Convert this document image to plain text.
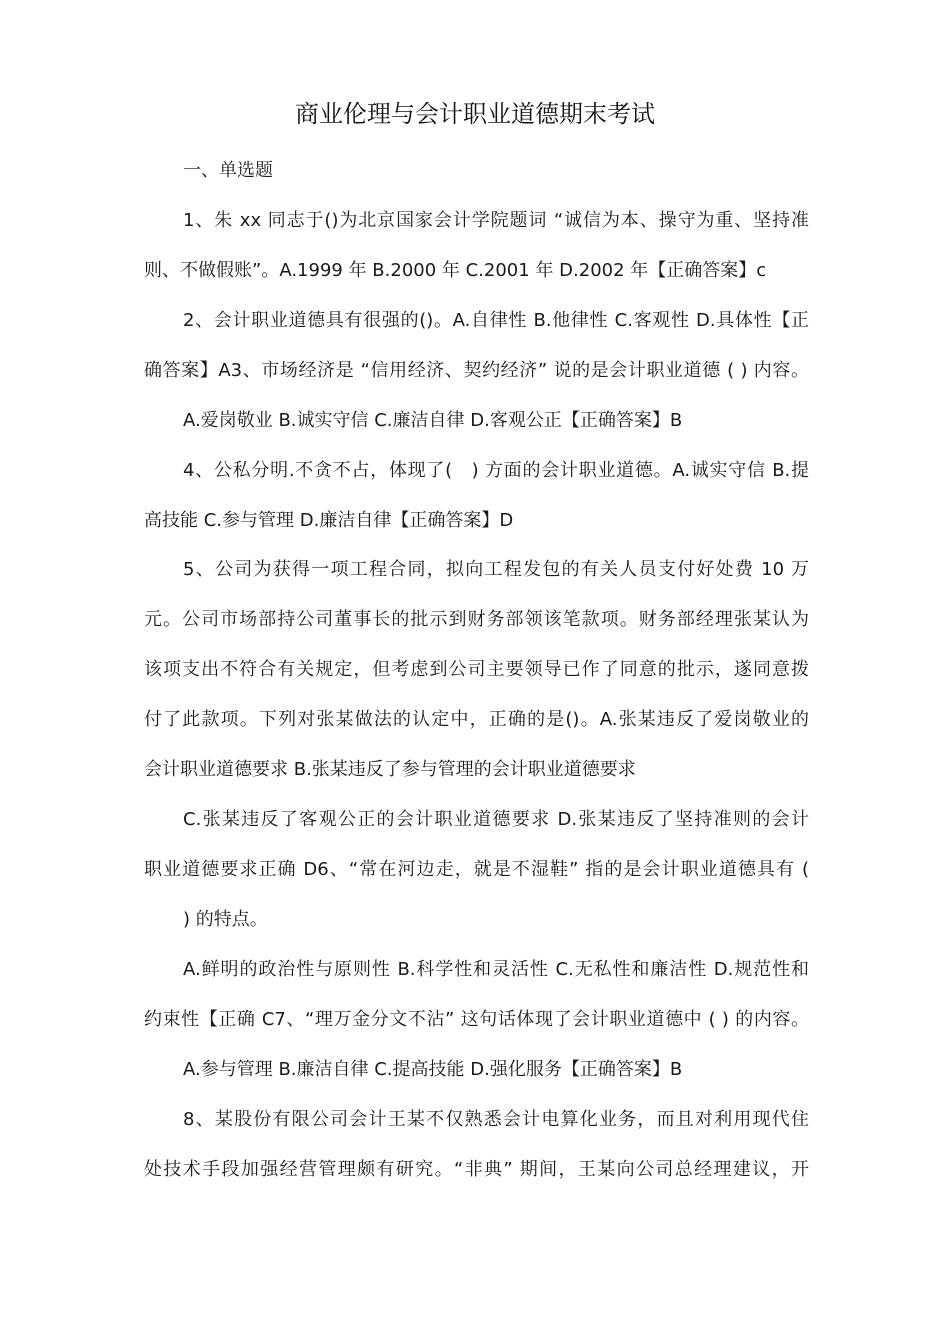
商业伦理与会计职业道德期末考试

一、单选题

1、朱 xx 同志于()为北京国家会计学院题词 “诚信为本、操守为重、坚持准

则、不做假账”。A.1999 年 B.2000 年 C.2001 年 D.2002 年【正确答案】c

2、会计职业道德具有很强的()。A.自律性 B.他律性 C.客观性 D.具体性【正

确答案】A3、市场经济是 “信用经济、契约经济” 说的是会计职业道德 ( ) 内容。

A.爱岗敬业 B.诚实守信 C.廉洁自律 D.客观公正【正确答案】B

4、公私分明.不贪不占，体现了(　) 方面的会计职业道德。A.诚实守信 B.提

高技能 C.参与管理 D.廉洁自律【正确答案】D

5、公司为获得一项工程合同，拟向工程发包的有关人员支付好处费 10 万

元。公司市场部持公司董事长的批示到财务部领该笔款项。财务部经理张某认为

该项支出不符合有关规定，但考虑到公司主要领导已作了同意的批示，遂同意拨

付了此款项。下列对张某做法的认定中，正确的是()。A.张某违反了爱岗敬业的

会计职业道德要求 B.张某违反了参与管理的会计职业道德要求

C.张某违反了客观公正的会计职业道德要求 D.张某违反了坚持准则的会计

职业道德要求正确 D6、“常在河边走，就是不湿鞋” 指的是会计职业道德具有 (

) 的特点。

A.鲜明的政治性与原则性 B.科学性和灵活性 C.无私性和廉洁性 D.规范性和

约束性【正确 C7、“理万金分文不沾” 这句话体现了会计职业道德中 ( ) 的内容。

A.参与管理 B.廉洁自律 C.提高技能 D.强化服务【正确答案】B

8、某股份有限公司会计王某不仅熟悉会计电算化业务，而且对利用现代住

处技术手段加强经营管理颇有研究。“非典” 期间，王某向公司总经理建议，开
